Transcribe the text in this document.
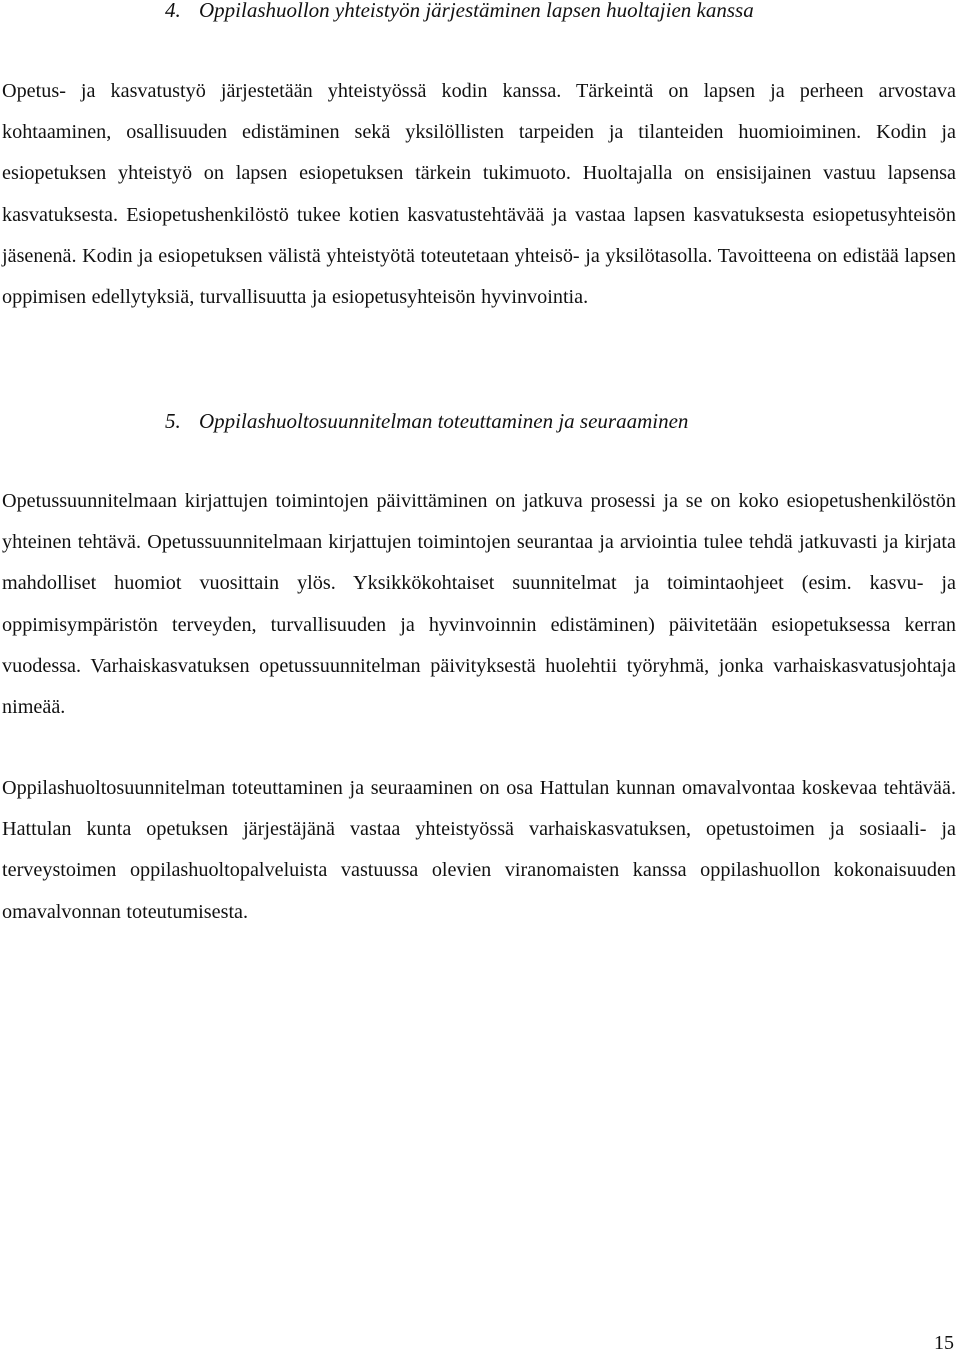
4. Oppilashuollon yhteistyön järjestäminen lapsen huoltajien kanssa

Opetus- ja kasvatustyö järjestetään yhteistyössä kodin kanssa. Tärkeintä on lapsen ja perheen arvostava kohtaaminen, osallisuuden edistäminen sekä yksilöllisten tarpeiden ja tilanteiden huomioiminen. Kodin ja esiopetuksen yhteistyö on lapsen esiopetuksen tärkein tukimuoto. Huoltajalla on ensisijainen vastuu lapsensa kasvatuksesta. Esiopetushenkilöstö tukee kotien kasvatustehtävää ja vastaa lapsen kasvatuksesta esiopetusyhteisön jäsenenä. Kodin ja esiopetuksen välistä yhteistyötä toteutetaan yhteisö- ja yksilötasolla. Tavoitteena on edistää lapsen oppimisen edellytyksiä, turvallisuutta ja esiopetusyhteisön hyvinvointia.

5. Oppilashuoltosuunnitelman toteuttaminen ja seuraaminen

Opetussuunnitelmaan kirjattujen toimintojen päivittäminen on jatkuva prosessi ja se on koko esiopetushenkilöstön yhteinen tehtävä. Opetussuunnitelmaan kirjattujen toimintojen seurantaa ja arviointia tulee tehdä jatkuvasti ja kirjata mahdolliset huomiot vuosittain ylös. Yksikkökohtaiset suunnitelmat ja toimintaohjeet (esim. kasvu- ja oppimisympäristön terveyden, turvallisuuden ja hyvinvoinnin edistäminen) päivitetään esiopetuksessa kerran vuodessa. Varhaiskasvatuksen opetussuunnitelman päivityksestä huolehtii työryhmä, jonka varhaiskasvatusjohtaja nimeää.

Oppilashuoltosuunnitelman toteuttaminen ja seuraaminen on osa Hattulan kunnan omavalvontaa koskevaa tehtävää. Hattulan kunta opetuksen järjestäjänä vastaa yhteistyössä varhaiskasvatuksen, opetustoimen ja sosiaali- ja terveystoimen oppilashuoltopalveluista vastuussa olevien viranomaisten kanssa oppilashuollon kokonaisuuden omavalvonnan toteutumisesta.

15
